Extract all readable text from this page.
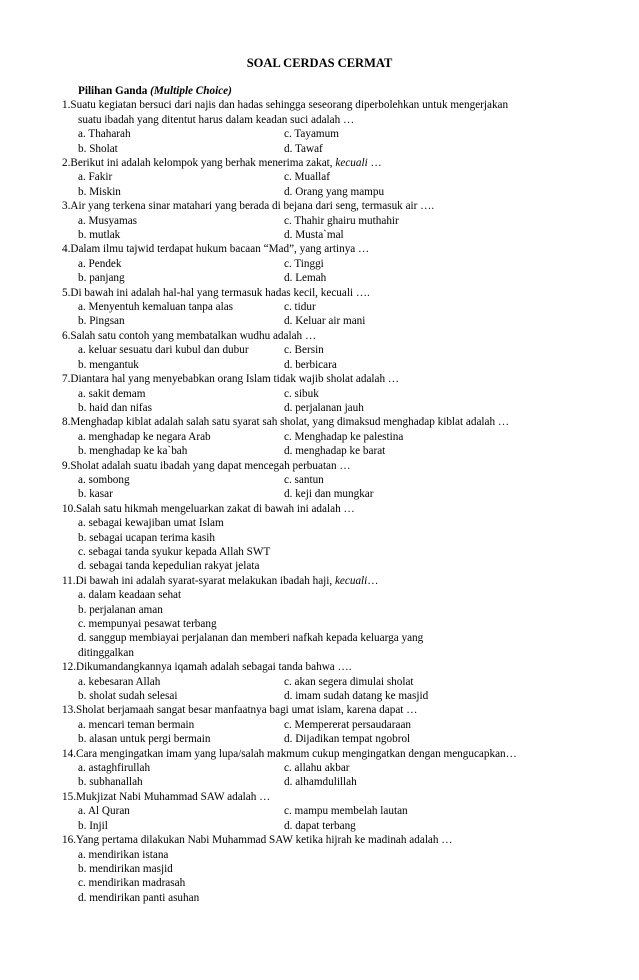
SOAL CERDAS CERMAT
Pilihan Ganda (Multiple Choice)
1.Suatu kegiatan bersuci dari najis dan hadas sehingga seseorang diperbolehkan untuk mengerjakan
suatu ibadah yang ditentut harus dalam keadan suci adalah …
a. Thaharah	c. Tayamum
b. Sholat	d. Tawaf
2.Berikut ini adalah kelompok yang berhak menerima zakat, kecuali …
a. Fakir	c. Muallaf
b. Miskin	d. Orang yang mampu
3.Air yang terkena sinar matahari yang berada di bejana dari seng, termasuk air ….
a. Musyamas	c. Thahir ghairu muthahir
b. mutlak	d. Musta`mal
4.Dalam ilmu tajwid terdapat hukum bacaan “Mad”, yang artinya …
a. Pendek	c. Tinggi
b. panjang	d. Lemah
5.Di bawah ini adalah hal-hal yang termasuk hadas kecil, kecuali ….
a. Menyentuh kemaluan tanpa alas	c. tidur
b. Pingsan	d. Keluar air mani
6.Salah satu contoh yang membatalkan wudhu adalah …
a. keluar sesuatu dari kubul dan dubur	c. Bersin
b. mengantuk	d. berbicara
7.Diantara hal yang menyebabkan orang Islam tidak wajib sholat adalah …
a. sakit demam	c. sibuk
b. haid dan nifas	d. perjalanan jauh
8.Menghadap kiblat adalah salah satu syarat sah sholat, yang dimaksud menghadap kiblat adalah …
a. menghadap ke negara Arab	c. Menghadap ke palestina
b. menghadap ke ka`bah	d. menghadap ke barat
9.Sholat adalah suatu ibadah yang dapat mencegah perbuatan …
a. sombong	c. santun
b. kasar	d. keji dan mungkar
10.Salah satu hikmah mengeluarkan zakat di bawah ini adalah …
a. sebagai kewajiban umat Islam
b. sebagai ucapan terima kasih
c. sebagai tanda syukur kepada Allah SWT
d. sebagai tanda kepedulian rakyat jelata
11.Di bawah ini adalah syarat-syarat melakukan ibadah haji, kecuali…
a. dalam keadaan sehat
b. perjalanan aman
c. mempunyai pesawat terbang
d. sanggup membiayai perjalanan dan memberi nafkah kepada keluarga yang
ditinggalkan
12.Dikumandangkannya iqamah adalah sebagai tanda bahwa ….
a. kebesaran Allah	c. akan segera dimulai sholat
b. sholat sudah selesai	d. imam sudah datang ke masjid
13.Sholat berjamaah sangat besar manfaatnya bagi umat islam, karena dapat …
a. mencari teman bermain	c. Mempererat persaudaraan
b. alasan untuk pergi bermain	d. Dijadikan tempat ngobrol
14.Cara mengingatkan imam yang lupa/salah makmum cukup mengingatkan dengan mengucapkan…
a. astaghfirullah	c. allahu akbar
b. subhanallah	d. alhamdulillah
15.Mukjizat Nabi Muhammad SAW adalah …
a. Al Quran	c. mampu membelah lautan
b. Injil	d. dapat terbang
16.Yang pertama dilakukan Nabi Muhammad SAW ketika hijrah ke madinah adalah …
a. mendirikan istana
b. mendirikan masjid
c. mendirikan madrasah
d. mendirikan panti asuhan
